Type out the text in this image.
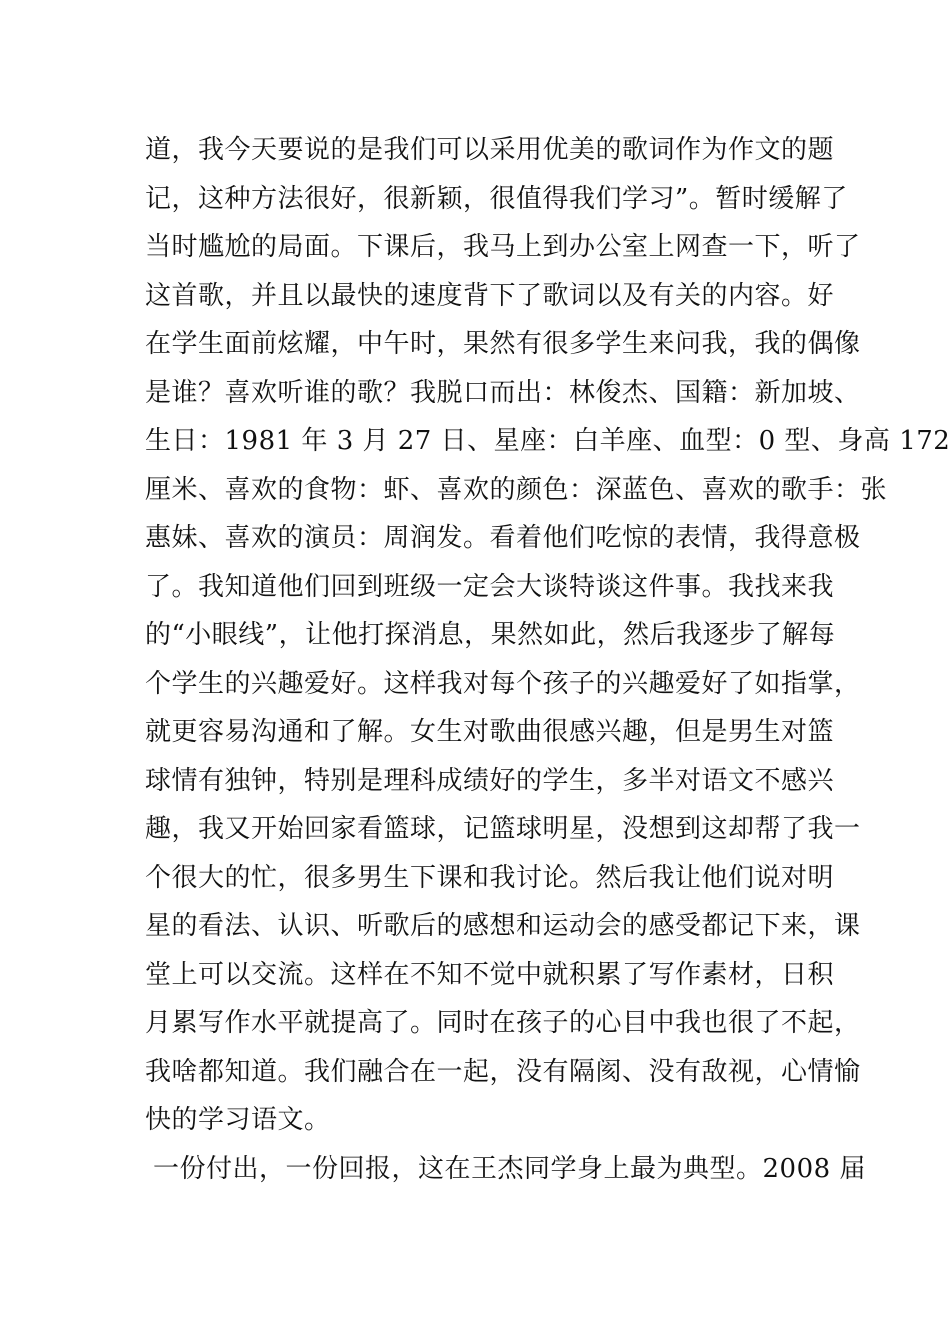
道，我今天要说的是我们可以采用优美的歌词作为作文的题
记，这种方法很好，很新颖，很值得我们学习”。暂时缓解了
当时尴尬的局面。下课后，我马上到办公室上网查一下，听了
这首歌，并且以最快的速度背下了歌词以及有关的内容。好
在学生面前炫耀，中午时，果然有很多学生来问我，我的偶像
是谁？喜欢听谁的歌？我脱口而出：林俊杰、国籍：新加坡、
生日：1981 年 3 月 27 日、星座：白羊座、血型：0 型、身高 172
厘米、喜欢的食物：虾、喜欢的颜色：深蓝色、喜欢的歌手：张
惠妹、喜欢的演员：周润发。看着他们吃惊的表情，我得意极
了。我知道他们回到班级一定会大谈特谈这件事。我找来我
的“小眼线”，让他打探消息，果然如此，然后我逐步了解每
个学生的兴趣爱好。这样我对每个孩子的兴趣爱好了如指掌，
就更容易沟通和了解。女生对歌曲很感兴趣，但是男生对篮
球情有独钟，特别是理科成绩好的学生，多半对语文不感兴
趣，我又开始回家看篮球，记篮球明星，没想到这却帮了我一
个很大的忙，很多男生下课和我讨论。然后我让他们说对明
星的看法、认识、听歌后的感想和运动会的感受都记下来，课
堂上可以交流。这样在不知不觉中就积累了写作素材，日积
月累写作水平就提高了。同时在孩子的心目中我也很了不起，
我啥都知道。我们融合在一起，没有隔阂、没有敌视，心情愉
快的学习语文。
一份付出，一份回报，这在王杰同学身上最为典型。2008 届
